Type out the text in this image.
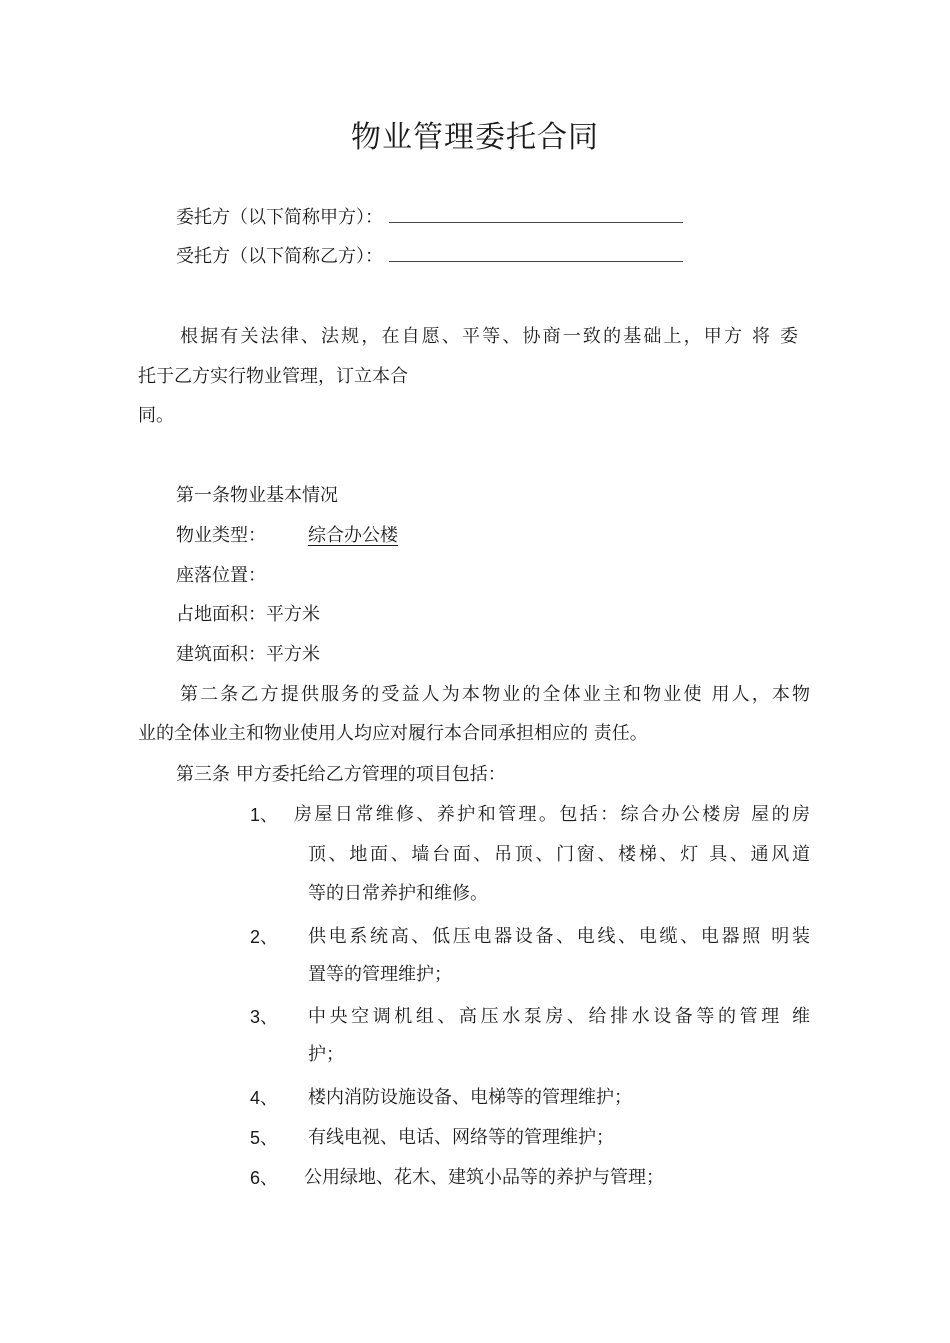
物业管理委托合同
委托方（以下简称甲方）：
受托方（以下简称乙方）：
根据有关法律、法规，在自愿、平等、协商一致的基础上，甲方 将 委
托于乙方实行物业管理，订立本合
同。
第一条物业基本情况
物业类型： 综合办公楼
座落位置：
占地面积：平方米
建筑面积：平方米
第二条乙方提供服务的受益人为本物业的全体业主和物业使 用人，本物
业的全体业主和物业使用人均应对履行本合同承担相应的 责任。
第三条 甲方委托给乙方管理的项目包括：
1、 房屋日常维修、养护和管理。包括：综合办公楼房 屋的房
顶、地面、墙台面、吊顶、门窗、楼梯、灯 具、通风道
等的日常养护和维修。
2、 供电系统高、低压电器设备、电线、电缆、电器照 明装
置等的管理维护；
3、 中央空调机组、高压水泵房、给排水设备等的管理 维
护；
4、 楼内消防设施设备、电梯等的管理维护；
5、 有线电视、电话、网络等的管理维护；
6、 公用绿地、花木、建筑小品等的养护与管理；
